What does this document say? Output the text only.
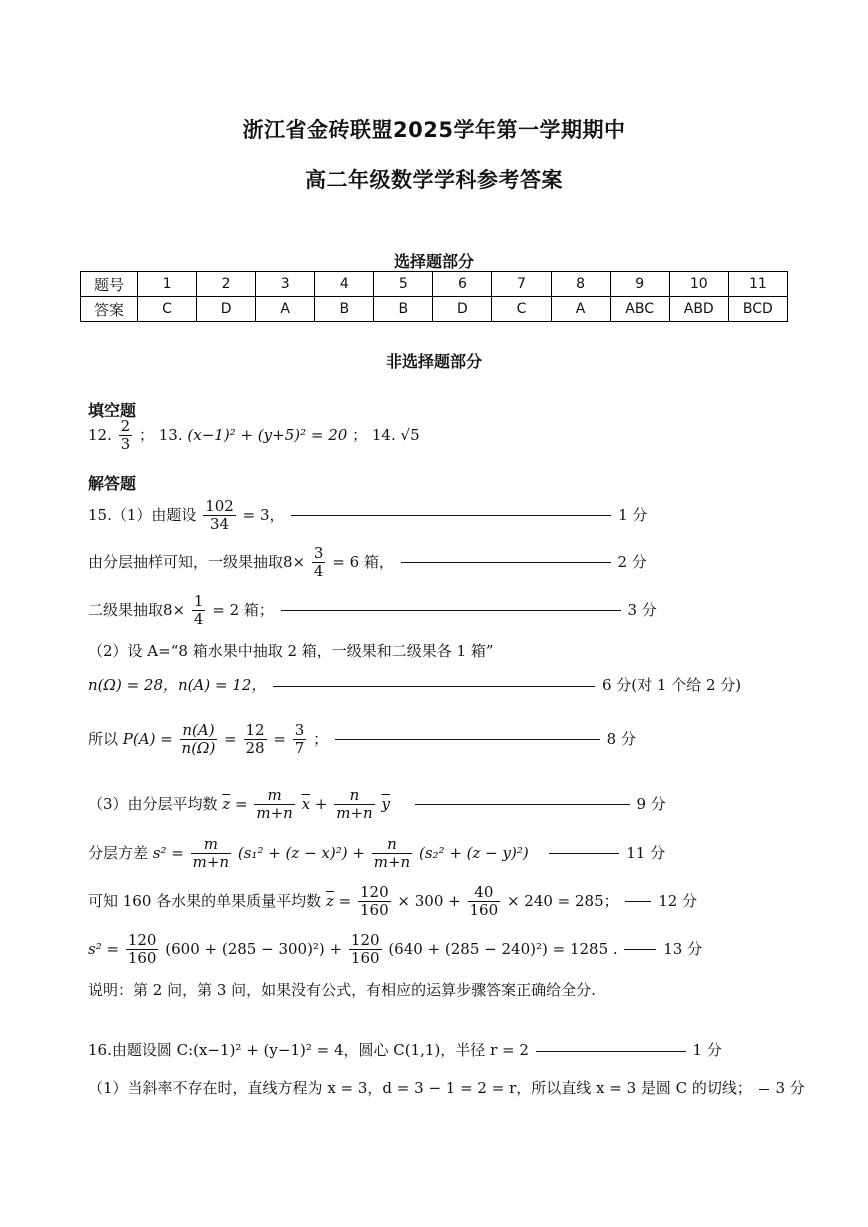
浙江省金砖联盟2025学年第一学期期中
高二年级数学学科参考答案
选择题部分
题号	1	2	3	4	5	6	7	8	9	10	11
答案	C	D	A	B	B	D	C	A	ABC	ABD	BCD
非选择题部分
填空题
12. $\frac{2}{3}$ ； 13. (x−1)² + (y+5)² = 20 ； 14. √5
解答题
15.（1）由题设 $\frac{102}{34} = 3$，	1 分
由分层抽样可知，一级果抽取$8\times \frac{3}{4} = 6$ 箱，	2 分
二级果抽取$8\times \frac{1}{4} = 2$ 箱；	3 分
（2）设 A=“8 箱水果中抽取 2 箱，一级果和二级果各 1 箱”
n(Ω) = 28，n(A) = 12，	6 分(对 1 个给 2 分)
所以 $P(A) = \frac{n(A)}{n(\Omega)} = \frac{12}{28} = \frac{3}{7}$ ；	8 分
（3）由分层平均数 $\overline{z} = \frac{m}{m+n} \overline{x} + \frac{n}{m+n} \overline{y}$	9 分
分层方差 $s^2 = \frac{m}{m+n} (s_1^2 + (z - x)^2) + \frac{n}{m+n} (s_2^2 + (z - y)^2)$	11 分
可知 160 各水果的单果质量平均数 $\overline{z} = \frac{120}{160} \times 300 + \frac{40}{160} \times 240 = 285$；	12 分
$s^2 = \frac{120}{160} (600 + (285 - 300)^2) + \frac{120}{160} (640 + (285 - 240)^2) = 1285$ .	13 分
说明：第 2 问，第 3 问，如果没有公式，有相应的运算步骤答案正确给全分.
16.由题设圆 C:(x−1)² + (y−1)² = 4，圆心 C(1,1)，半径 r = 2	1 分
（1）当斜率不存在时，直线方程为 x = 3，d = 3 − 1 = 2 = r，所以直线 x = 3 是圆 C 的切线； 3 分
